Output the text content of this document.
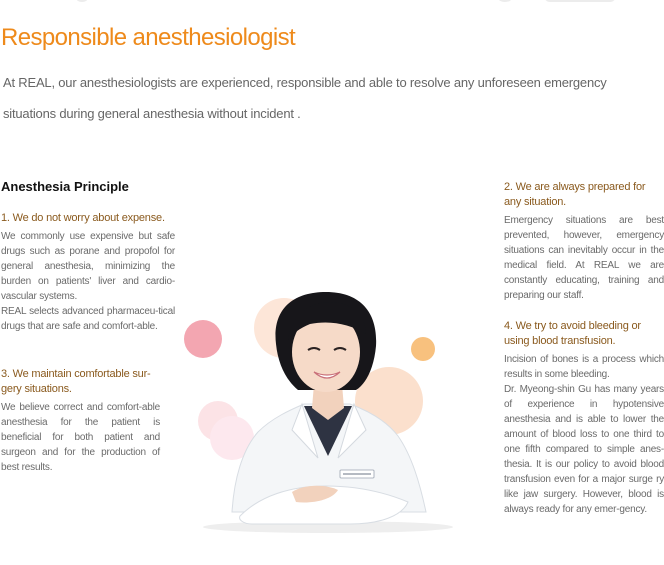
Responsible anesthesiologist
At REAL, our anesthesiologists are experienced, responsible and able to resolve any unforeseen emergency situations during general anesthesia without incident .
Anesthesia Principle

1. We do not worry about expense.

We commonly use expensive but safe drugs such as porane and propofol for general anesthesia, minimizing the burden on patients' liver and cardio-vascular systems.

REAL selects advanced pharmaceu-tical drugs that are safe and comfort-able.

3. We maintain comfortable sur-gery situations.

We believe correct and comfort-able anesthesia for the patient is beneficial for both patient and surgeon and for the production of best results.

2. We are always prepared for any situation.

Emergency situations are best prevented, however, emergency situations can inevitably occur in the medical field. At REAL we are constantly educating, training and preparing our staff.

4. We try to avoid bleeding or using blood transfusion.

Incision of bones is a process which results in some bleeding.

Dr. Myeong-shin Gu has many years of experience in hypotensive anesthesia and is able to lower the amount of blood loss to one third to one fifth compared to simple anes-thesia. It is our policy to avoid blood transfusion even for a major surge ry like jaw surgery. However, blood is always ready for any emer-gency.
